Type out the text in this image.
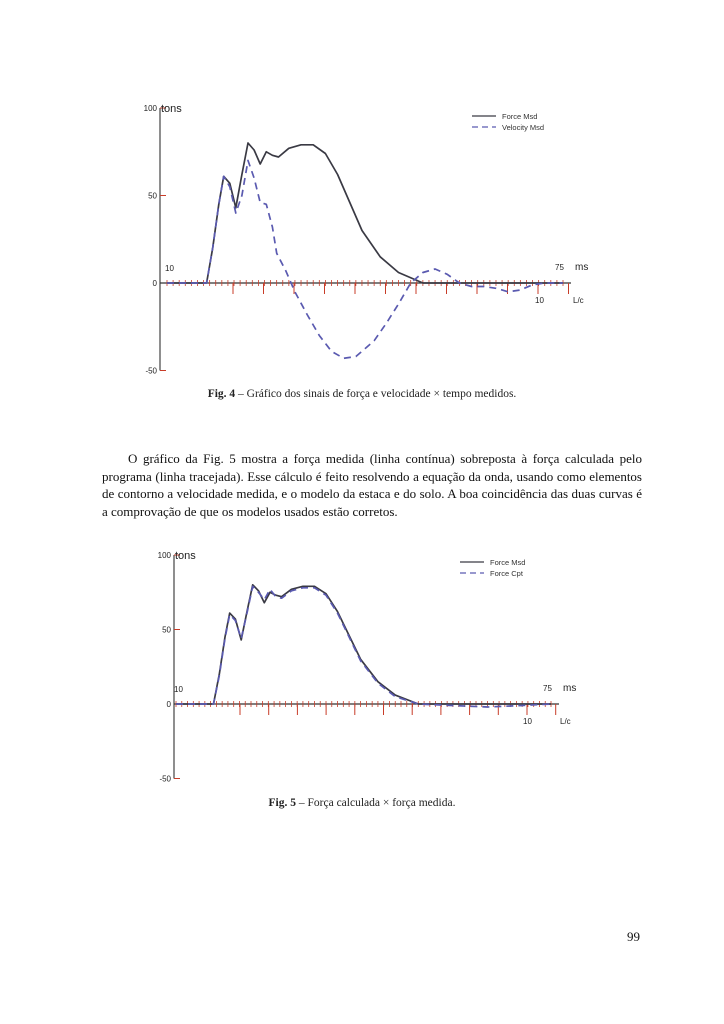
100
50
0
-50
tons
10	75 ms
10	L/c
Force Msd
Velocity Msd
Fig. 4 – Gráfico dos sinais de força e velocidade × tempo medidos.

O gráfico da Fig. 5 mostra a força medida (linha contínua) sobreposta à força calculada pelo programa (linha tracejada). Esse cálculo é feito resolvendo a equação da onda, usando como elementos de contorno a velocidade medida, e o modelo da estaca e do solo. A boa coincidência das duas curvas é a comprovação de que os modelos usados estão corretos.

100
50
0
-50
tons
10	75 ms
10	L/c
Force Msd
Force Cpt
Fig. 5 – Força calculada × força medida.
99
